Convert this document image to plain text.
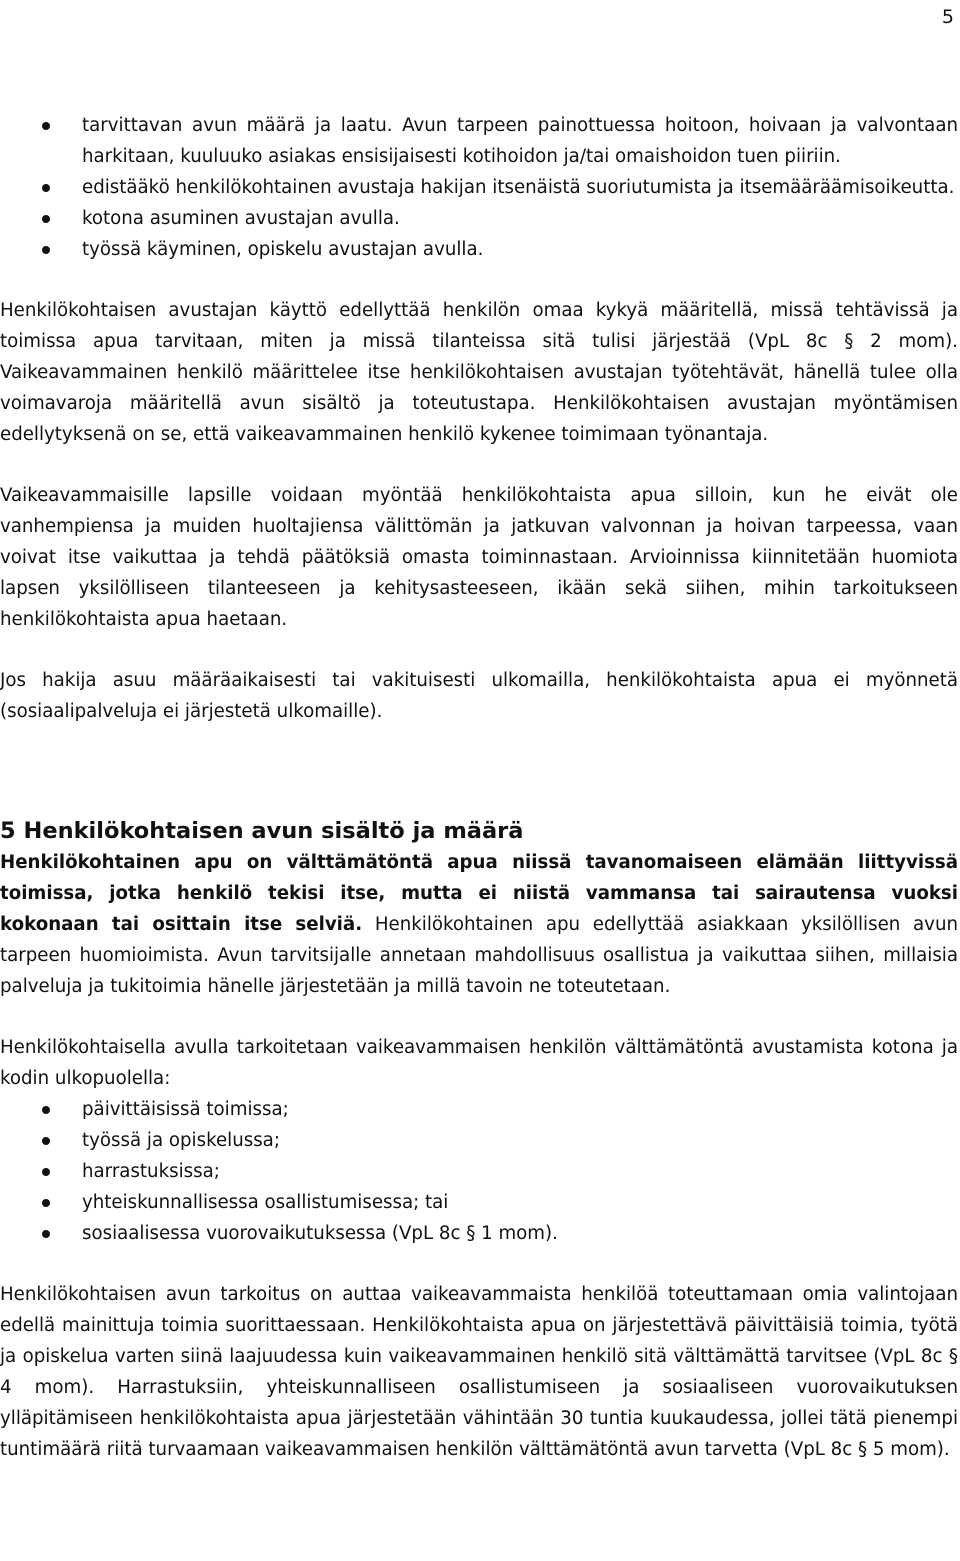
5
tarvittavan avun määrä ja laatu. Avun tarpeen painottuessa hoitoon, hoivaan ja valvontaan harkitaan, kuuluuko asiakas ensisijaisesti kotihoidon ja/tai omaishoidon tuen piiriin.
edistääkö henkilökohtainen avustaja hakijan itsenäistä suoriutumista ja itsemääräämisoikeutta.
kotona asuminen avustajan avulla.
työssä käyminen, opiskelu avustajan avulla.

Henkilökohtaisen avustajan käyttö edellyttää henkilön omaa kykyä määritellä, missä tehtävissä ja toimissa apua tarvitaan, miten ja missä tilanteissa sitä tulisi järjestää (VpL 8c § 2 mom). Vaikeavammainen henkilö määrittelee itse henkilökohtaisen avustajan työtehtävät, hänellä tulee olla voimavaroja määritellä avun sisältö ja toteutustapa. Henkilökohtaisen avustajan myöntämisen edellytyksenä on se, että vaikeavammainen henkilö kykenee toimimaan työnantaja.

Vaikeavammaisille lapsille voidaan myöntää henkilökohtaista apua silloin, kun he eivät ole vanhempiensa ja muiden huoltajiensa välittömän ja jatkuvan valvonnan ja hoivan tarpeessa, vaan voivat itse vaikuttaa ja tehdä päätöksiä omasta toiminnastaan. Arvioinnissa kiinnitetään huomiota lapsen yksilölliseen tilanteeseen ja kehitysasteeseen, ikään sekä siihen, mihin tarkoitukseen henkilökohtaista apua haetaan.

Jos hakija asuu määräaikaisesti tai vakituisesti ulkomailla, henkilökohtaista apua ei myönnetä (sosiaalipalveluja ei järjestetä ulkomaille).

5 Henkilökohtaisen avun sisältö ja määrä

Henkilökohtainen apu on välttämätöntä apua niissä tavanomaiseen elämään liittyvissä toimissa, jotka henkilö tekisi itse, mutta ei niistä vammansa tai sairautensa vuoksi kokonaan tai osittain itse selviä. Henkilökohtainen apu edellyttää asiakkaan yksilöllisen avun tarpeen huomioimista. Avun tarvitsijalle annetaan mahdollisuus osallistua ja vaikuttaa siihen, millaisia palveluja ja tukitoimia hänelle järjestetään ja millä tavoin ne toteutetaan.

Henkilökohtaisella avulla tarkoitetaan vaikeavammaisen henkilön välttämätöntä avustamista kotona ja kodin ulkopuolella:

päivittäisissä toimissa;
työssä ja opiskelussa;
harrastuksissa;
yhteiskunnallisessa osallistumisessa; tai
sosiaalisessa vuorovaikutuksessa (VpL 8c § 1 mom).

Henkilökohtaisen avun tarkoitus on auttaa vaikeavammaista henkilöä toteuttamaan omia valintojaan edellä mainittuja toimia suorittaessaan. Henkilökohtaista apua on järjestettävä päivittäisiä toimia, työtä ja opiskelua varten siinä laajuudessa kuin vaikeavammainen henkilö sitä välttämättä tarvitsee (VpL 8c § 4 mom). Harrastuksiin, yhteiskunnalliseen osallistumiseen ja sosiaaliseen vuorovaikutuksen ylläpitämiseen henkilökohtaista apua järjestetään vähintään 30 tuntia kuukaudessa, jollei tätä pienempi tuntimäärä riitä turvaamaan vaikeavammaisen henkilön välttämätöntä avun tarvetta (VpL 8c § 5 mom).
